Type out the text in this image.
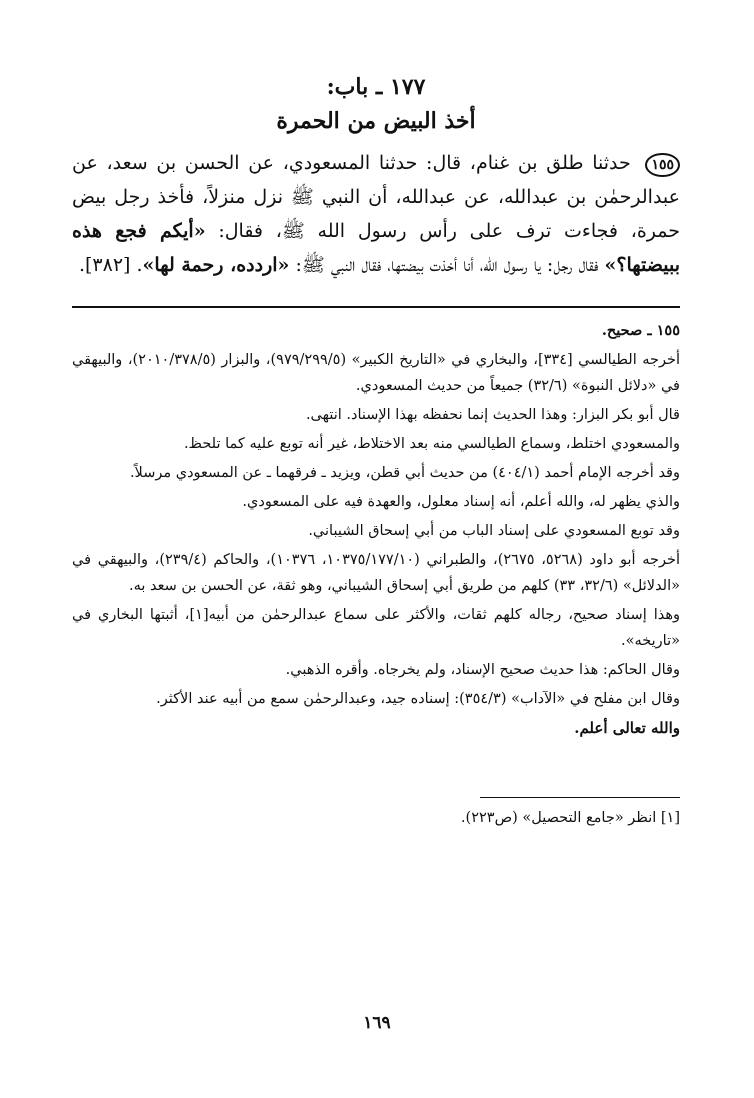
١٧٧ ـ باب:
أخذ البيض من الحمرة

١٥٥ حدثنا طلق بن غنام، قال: حدثنا المسعودي، عن الحسن بن سعد، عن عبدالرحمٰن بن عبدالله، عن عبدالله، أن النبي ﷺ نزل منزلاً، فأخذ رجل بيض حمرة، فجاءت ترف على رأس رسول الله ﷺ، فقال: «أيكم فجع هذه ببيضتها؟» فقال رجل: يا رسول الله، أنا أخذت بيضتها، فقال النبي ﷺ: «اردده، رحمة لها». [٣٨٢].

١٥٥ ـ صحيح.

أخرجه الطيالسي [٣٣٤]، والبخاري في «التاريخ الكبير» (٩٧٩/٢٩٩/٥)، والبزار (٢٠١٠/٣٧٨/٥)، والبيهقي في «دلائل النبوة» (٣٢/٦) جميعاً من حديث المسعودي.

قال أبو بكر البزار: وهذا الحديث إنما نحفظه بهذا الإسناد. انتهى.

والمسعودي اختلط، وسماع الطيالسي منه بعد الاختلاط، غير أنه توبع عليه كما تلحظ.

وقد أخرجه الإمام أحمد (٤٠٤/١) من حديث أبي قطن، ويزيد ـ فرقهما ـ عن المسعودي مرسلاً.

والذي يظهر له، والله أعلم، أنه إسناد معلول، والعهدة فيه على المسعودي.

وقد توبع المسعودي على إسناد الباب من أبي إسحاق الشيباني.

أخرجه أبو داود (٥٢٦٨، ٢٦٧٥)، والطبراني (١٠٣٧٥/١٧٧/١٠، ١٠٣٧٦)، والحاكم (٢٣٩/٤)، والبيهقي في «الدلائل» (٣٢/٦، ٣٣) كلهم من طريق أبي إسحاق الشيباني، وهو ثقة، عن الحسن بن سعد به.

وهذا إسناد صحيح، رجاله كلهم ثقات، والأكثر على سماع عبدالرحمٰن من أبيه[١]، أثبتها البخاري في «تاريخه».

وقال الحاكم: هذا حديث صحيح الإسناد، ولم يخرجاه. وأقره الذهبي.

وقال ابن مفلح في «الآداب» (٣٥٤/٣): إسناده جيد، وعبدالرحمٰن سمع من أبيه عند الأكثر.

والله تعالى أعلم.

[١] انظر «جامع التحصيل» (ص٢٢٣).

١٦٩
